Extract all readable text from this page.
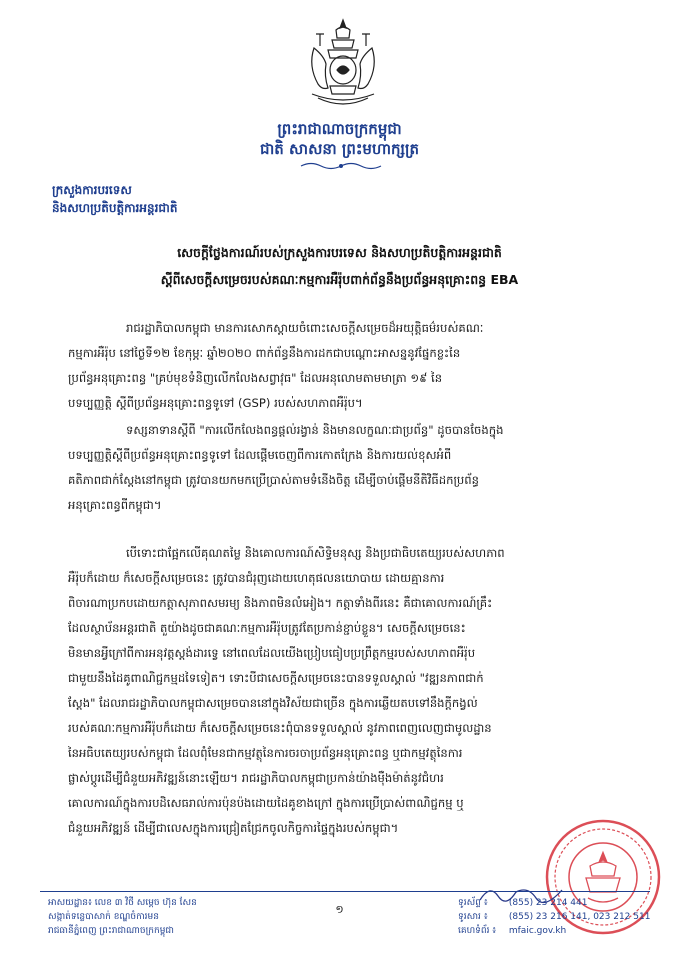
ព្រះរាជាណាចក្រកម្ពុជា
ជាតិ សាសនា ព្រះមហាក្សត្រ
ក្រសួងការបរទេស
និងសហប្រតិបត្តិការអន្តរជាតិ
សេចក្តីថ្លែងការណ៍របស់ក្រសួងការបរទេស និងសហប្រតិបត្តិការអន្តរជាតិ
ស្តីពីសេចក្តីសម្រេចរបស់គណៈកម្មការអឺរ៉ុបពាក់ព័ន្ធនឹងប្រព័ន្ធអនុគ្រោះពន្ធ EBA
រាជរដ្ឋាភិបាលកម្ពុជា មានការសោកស្តាយចំពោះសេចក្តីសម្រេចដ៏អយុត្តិធម៌របស់គណៈ
កម្មការអឺរ៉ុប នៅថ្ងៃទី១២ ខែកុម្ភៈ ឆ្នាំ២០២០ ពាក់ព័ន្ធនឹងការដកជាបណ្តោះអាសន្ននូវផ្នែកខ្លះនៃ
ប្រព័ន្ធអនុគ្រោះពន្ធ "គ្រប់មុខទំនិញលើកលែងសព្វាវុធ" ដែលអនុលោមតាមមាត្រា ១៩ នៃ
បទប្បញ្ញត្តិ ស្តីពីប្រព័ន្ធអនុគ្រោះពន្ធទូទៅ (GSP) របស់សហភាពអឺរ៉ុប។
ទស្សនាទានស្តីពី "ការលើកលែងពន្ធផ្តល់រង្វាន់ និងមានលក្ខណៈជាប្រព័ន្ធ" ដូចបានចែងក្នុង
បទប្បញ្ញត្តិស្តីពីប្រព័ន្ធអនុគ្រោះពន្ធទូទៅ ដែលផ្តើមចេញពីការកោតក្រែង និងការយល់ខុសអំពី
គតិភាពជាក់ស្តែងនៅកម្ពុជា ត្រូវបានយកមកប្រើប្រាស់តាមទំនើងចិត្ត ដើម្បីចាប់ផ្តើមនីតិវិធីដកប្រព័ន្ធ
អនុគ្រោះពន្ធពីកម្ពុជា។
បើទោះជាផ្អែកលើគុណតម្លៃ និងគោលការណ៍សិទ្ធិមនុស្ស និងប្រជាធិបតេយ្យរបស់សហភាព
អឺរ៉ុបក៏ដោយ ក៏សេចក្តីសម្រេចនេះ ត្រូវបានជំរុញដោយហេតុផលនយោបាយ ដោយគ្មានការ
ពិចារណាប្រកបដោយកត្តាសុភាពសមរម្យ និងភាពមិនលំអៀង។ កត្តាទាំងពីរនេះ គឺជាគោលការណ៍គ្រឹះ
ដែលស្ថាប័នអន្តរជាតិ តួយ៉ាងដូចជាគណៈកម្មការអឺរ៉ុបត្រូវតែប្រកាន់ខ្ជាប់ខ្លួន។ សេចក្តីសម្រេចនេះ
មិនមានអ្វីក្រៅពីការអនុវត្តស្តង់ដារទ្វេ នៅពេលដែលយើងប្រៀបធៀបប្រព្រឹត្តកម្មរបស់សហភាពអឺរ៉ុប
ជាមួយនឹងដៃគូពាណិជ្ជកម្មដទៃទៀត។ ទោះបីជាសេចក្តីសម្រេចនេះបានទទួលស្គាល់ "វឌ្ឍនភាពជាក់
ស្តែង" ដែលរាជរដ្ឋាភិបាលកម្ពុជាសម្រេចបាននៅក្នុងវិស័យជាច្រើន ក្នុងការឆ្លើយតបទៅនឹងក្តីកង្វល់
របស់គណៈកម្មការអឺរ៉ុបក៏ដោយ ក៏សេចក្តីសម្រេចនេះពុំបានទទួលស្គាល់ នូវភាពពេញលេញជាមូលដ្ឋាន
នៃអធិបតេយ្យរបស់កម្ពុជា ដែលពុំមែនជាកម្មវត្ថុនៃការចរចាប្រព័ន្ធអនុគ្រោះពន្ធ ឬជាកម្មវត្ថុនៃការ
ផ្លាស់ប្តូរដើម្បីជំនួយអភិវឌ្ឍន៍នោះឡើយ។ រាជរដ្ឋាភិបាលកម្ពុជាប្រកាន់យ៉ាងម៉ឺងម៉ាត់នូវជំហរ
គោលការណ៍ក្នុងការបដិសេធរាល់ការប៉ុនប៉ងដោយដៃគូខាងក្រៅ ក្នុងការប្រើប្រាស់ពាណិជ្ជកម្ម ឬ
ជំនួយអភិវឌ្ឍន៍ ដើម្បីជាលេសក្នុងការជ្រៀតជ្រែកចូលកិច្ចការផ្ទៃក្នុងរបស់កម្ពុជា។
អាសយដ្ឋាន៖ លេខ ៣ វិថី សម្តេច ហ៊ុន សែន
សង្កាត់ទន្លេបាសាក់ ខណ្ឌចំការមន
រាជធានីភ្នំពេញ ព្រះរាជាណាចក្រកម្ពុជា
១	ទូរស័ព្ទ ៖ (855) 23 214 441
ទូរសារ ៖ (855) 23 216 141, 023 212 511
គេហទំព័រ ៖ mfaic.gov.kh
